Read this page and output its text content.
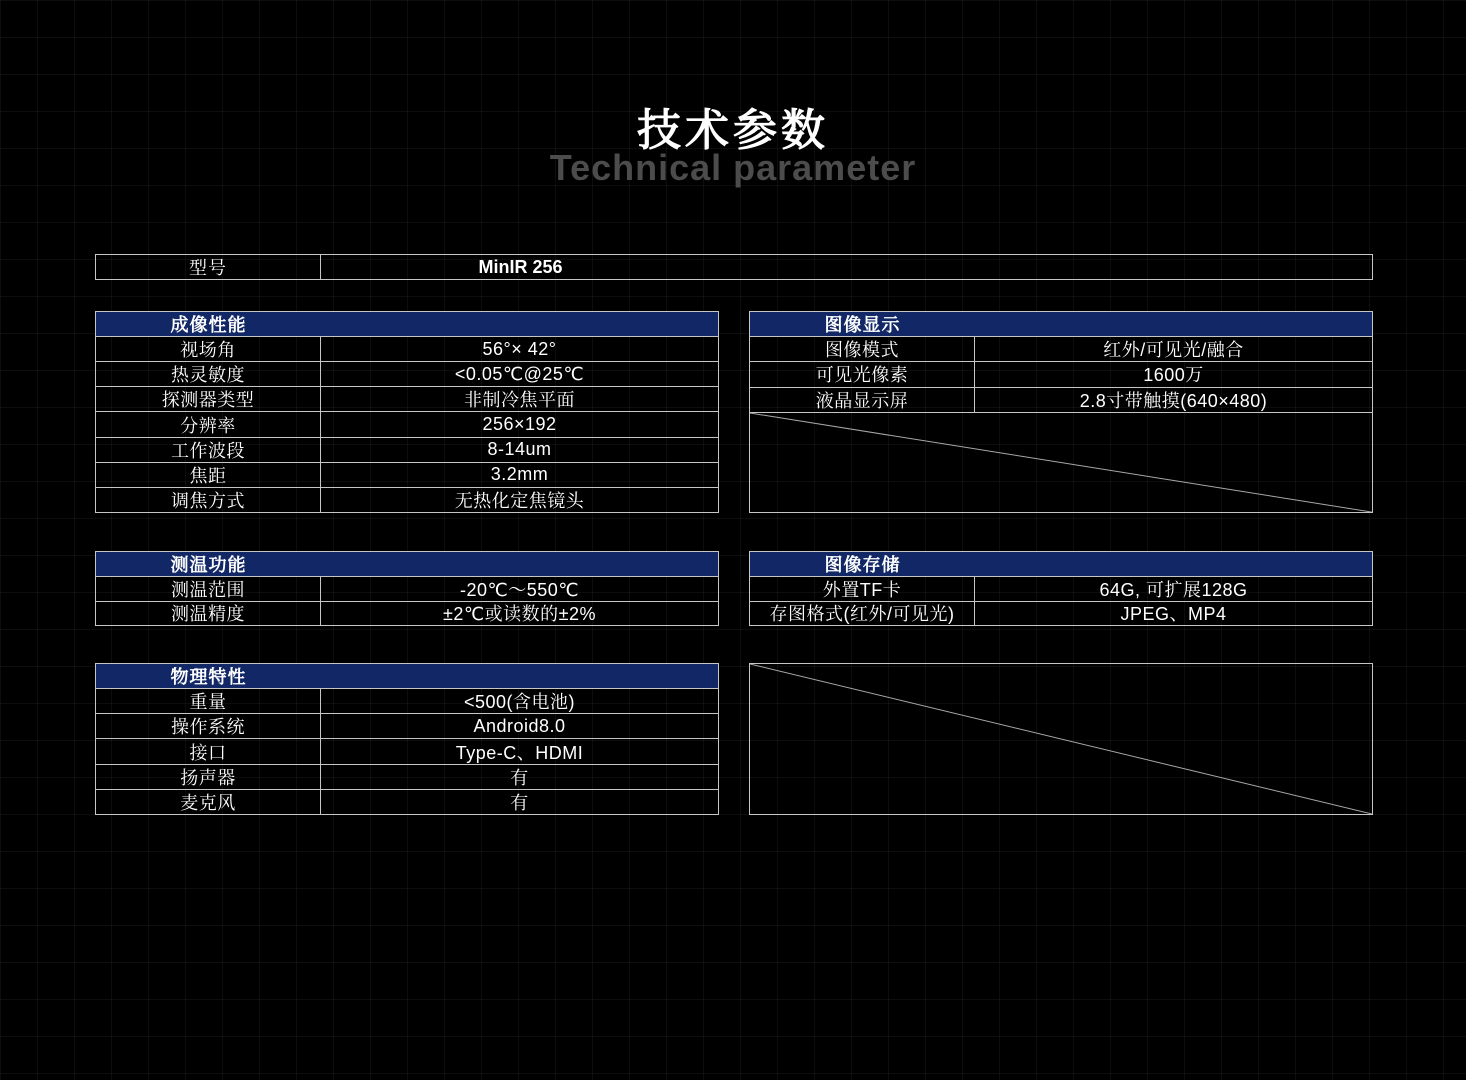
技术参数
Technical parameter
型号	MinIR 256
成像性能
视场角	56°× 42°
热灵敏度	<0.05℃@25℃
探测器类型	非制冷焦平面
分辨率	256×192
工作波段	8-14um
焦距	3.2mm
调焦方式	无热化定焦镜头
图像显示
图像模式	红外/可见光/融合
可见光像素	1600万
液晶显示屏	2.8寸带触摸(640×480)
测温功能
测温范围	-20℃～550℃
测温精度	±2℃或读数的±2%
图像存储
外置TF卡	64G, 可扩展128G
存图格式(红外/可见光)	JPEG、MP4
物理特性
重量	<500(含电池)
操作系统	Android8.0
接口	Type-C、HDMI
扬声器	有
麦克风	有
